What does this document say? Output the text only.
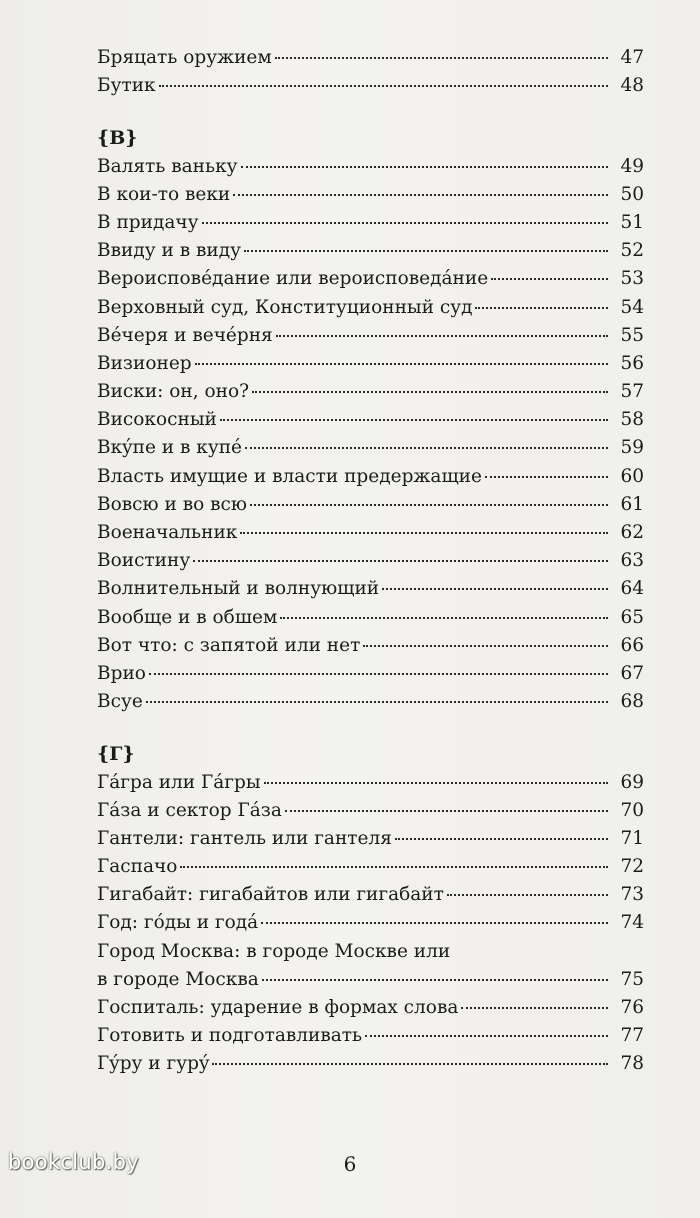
Бряцать оружием	47
Бутик	48
{В}
Валять ваньку	49
В кои-то веки	50
В придачу	51
Ввиду и в виду	52
Вероисповéдание или вероисповедáние	53
Верховный суд, Конституционный суд	54
Вéчеря и вечéрня	55
Визионер	56
Виски: он, оно?	57
Високосный	58
Вкýпе и в купé	59
Власть имущие и власти предержащие	60
Вовсю и во всю	61
Военачальник	62
Воистину	63
Волнительный и волнующий	64
Вообще и в обшем	65
Вот что: с запятой или нет	66
Врио	67
Всуе	68
{Г}
Гáгра или Гáгры	69
Гáза и сектор Гáза	70
Гантели: гантель или гантеля	71
Гаспачо	72
Гигабайт: гигабайтов или гигабайт	73
Год: гóды и годá	74
Город Москва: в городе Москве или
в городе Москва	75
Госпиталь: ударение в формах слова	76
Готовить и подготавливать	77
Гýру и гурý	78
6
bookclub.by
